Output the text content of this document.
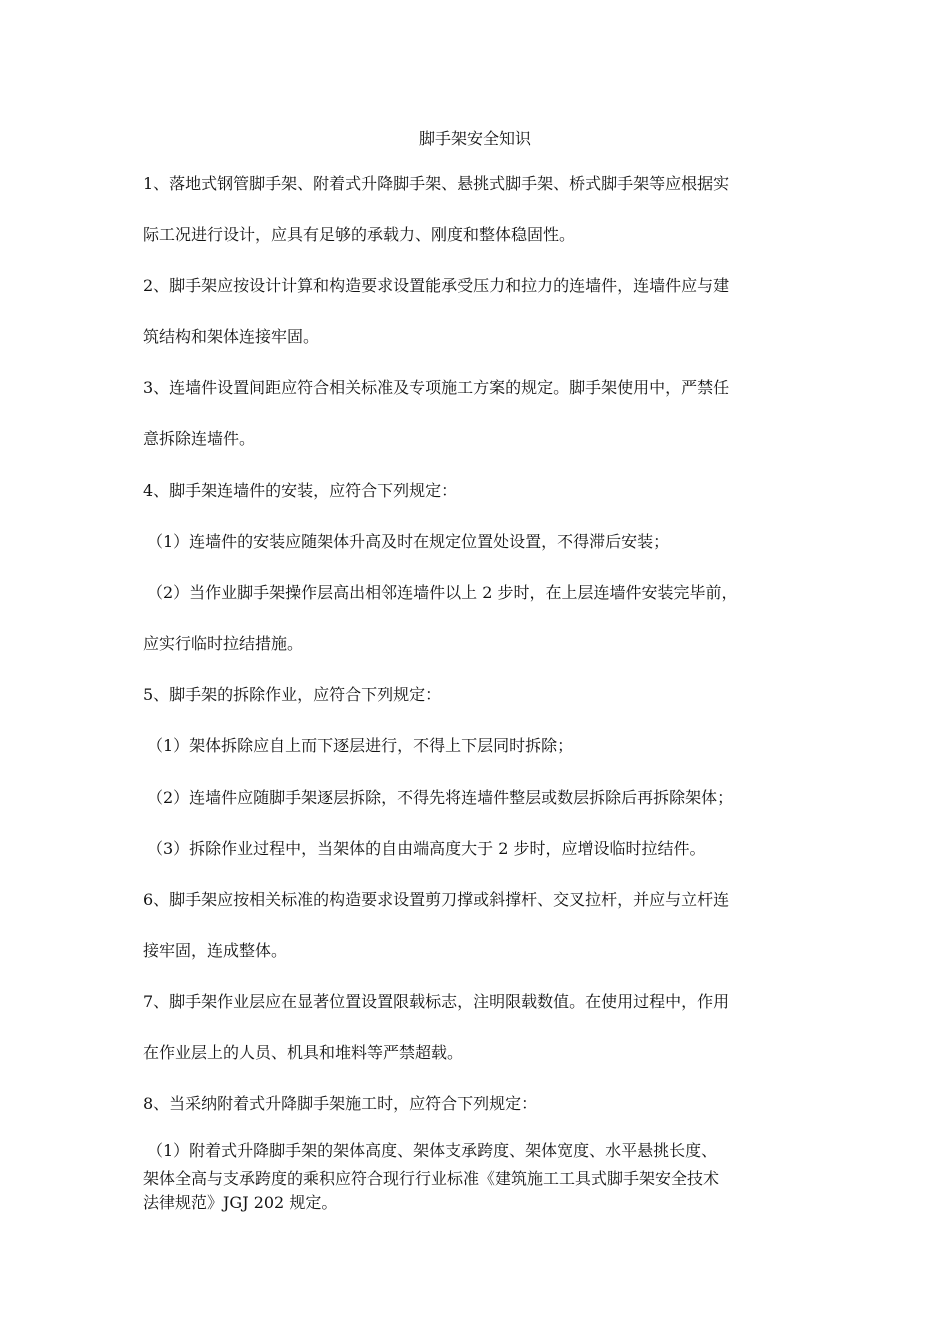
脚手架安全知识
1、落地式钢管脚手架、附着式升降脚手架、悬挑式脚手架、桥式脚手架等应根据实
际工况进行设计，应具有足够的承载力、刚度和整体稳固性。
2、脚手架应按设计计算和构造要求设置能承受压力和拉力的连墙件，连墙件应与建
筑结构和架体连接牢固。
3、连墙件设置间距应符合相关标准及专项施工方案的规定。脚手架使用中，严禁任
意拆除连墙件。
4、脚手架连墙件的安装，应符合下列规定：
（1）连墙件的安装应随架体升高及时在规定位置处设置，不得滞后安装；
（2）当作业脚手架操作层高出相邻连墙件以上 2 步时，在上层连墙件安装完毕前，
应实行临时拉结措施。
5、脚手架的拆除作业，应符合下列规定：
（1）架体拆除应自上而下逐层进行，不得上下层同时拆除；
（2）连墙件应随脚手架逐层拆除，不得先将连墙件整层或数层拆除后再拆除架体；
（3）拆除作业过程中，当架体的自由端高度大于 2 步时，应增设临时拉结件。
6、脚手架应按相关标准的构造要求设置剪刀撑或斜撑杆、交叉拉杆，并应与立杆连
接牢固，连成整体。
7、脚手架作业层应在显著位置设置限载标志，注明限载数值。在使用过程中，作用
在作业层上的人员、机具和堆料等严禁超载。
8、当采纳附着式升降脚手架施工时，应符合下列规定：
（1）附着式升降脚手架的架体高度、架体支承跨度、架体宽度、水平悬挑长度、
架体全高与支承跨度的乘积应符合现行行业标准《建筑施工工具式脚手架安全技术
法律规范》JGJ 202 规定。
